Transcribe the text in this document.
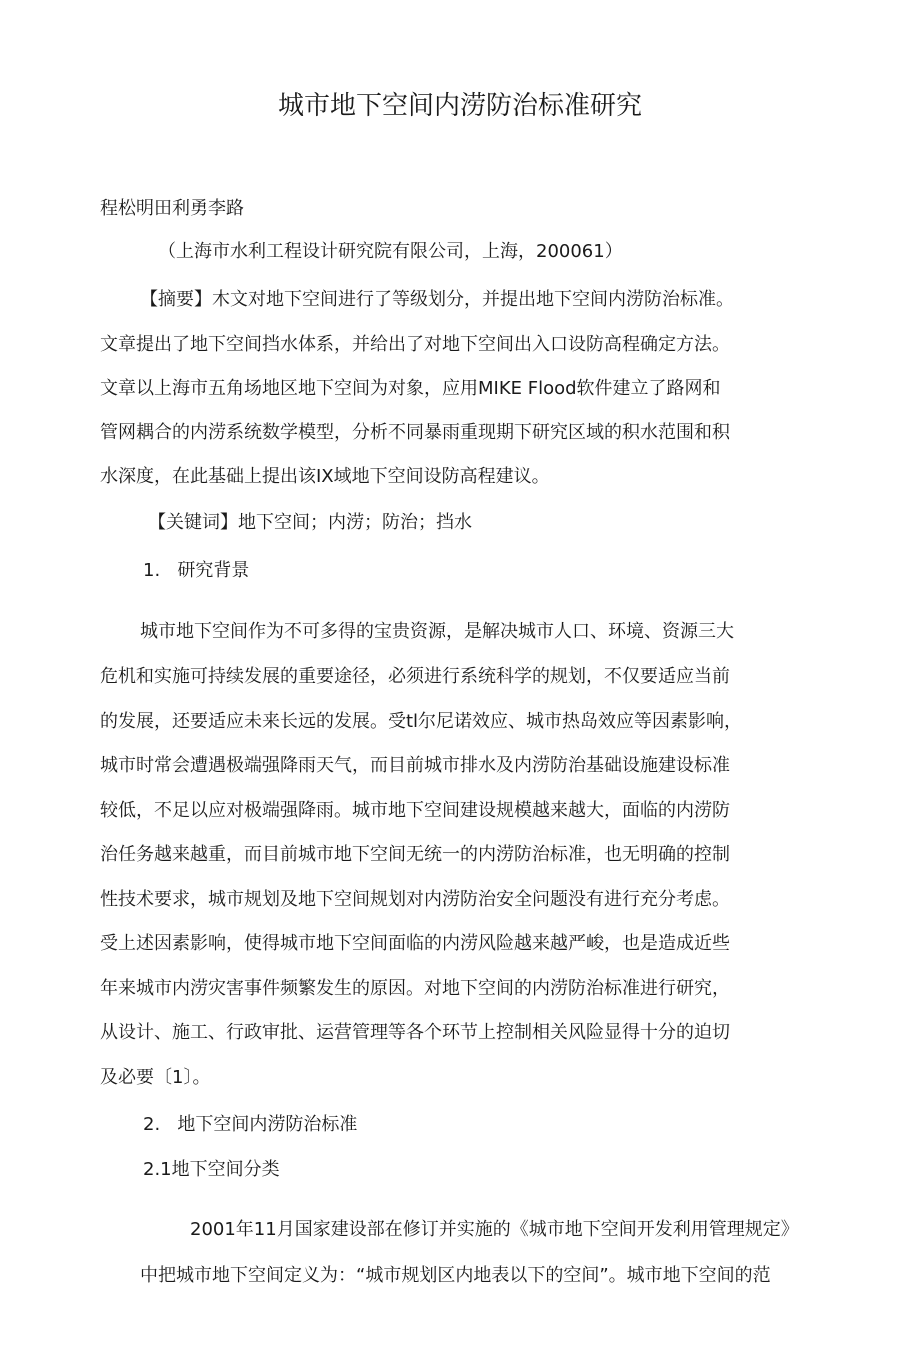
城市地下空间内涝防治标准研究
程松明田利勇李路
（上海市水利工程设计研究院有限公司，上海，200061）
【摘要】木文对地下空间进行了等级划分，并提出地下空间内涝防治标准。
文章提出了地下空间挡水体系，并给出了对地下空间出入口设防高程确定方法。
文章以上海市五角场地区地下空间为对象，应用MIKE Flood软件建立了路网和
管网耦合的内涝系统数学模型，分析不同暴雨重现期下研究区域的积水范围和积
水深度，在此基础上提出该IX域地下空间设防高程建议。
【关键词】地下空间；内涝；防治；挡水
1.   研究背景
城市地下空间作为不可多得的宝贵资源，是解决城市人口、环境、资源三大
危机和实施可持续发展的重要途径，必须进行系统科学的规划，不仅要适应当前
的发展，还要适应未来长远的发展。受tl尔尼诺效应、城市热岛效应等因素影响，
城市时常会遭遇极端强降雨天气，而目前城市排水及内涝防治基础设施建设标准
较低，不足以应对极端强降雨。城市地下空间建设规模越来越大，面临的内涝防
治任务越来越重，而目前城市地下空间无统一的内涝防治标准，也无明确的控制
性技术要求，城市规划及地下空间规划对内涝防治安全问题没有进行充分考虑。
受上述因素影响，使得城市地下空间面临的内涝风险越来越严峻，也是造成近些
年来城市内涝灾害事件频繁发生的原因。对地下空间的内涝防治标准进行研究，
从设计、施工、行政审批、运营管理等各个环节上控制相关风险显得十分的迫切
及必要〔1〕。
2.   地下空间内涝防治标准
2.1地下空间分类
2001年11月国家建设部在修订并实施的《城市地下空间开发利用管理规定》
中把城市地下空间定义为：“城市规划区内地表以下的空间”。城市地下空间的范
